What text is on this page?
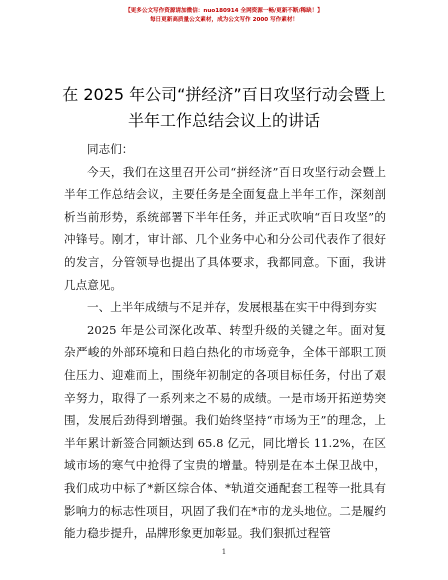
【更多公文写作资源请加微信：nuo180914 全网资源一畅/更新不断/稀缺！】
每日更新高质量公文素材，成为公文写作 2000 写作素材！
在 2025 年公司“拼经济”百日攻坚行动会暨上
半年工作总结会议上的讲话

同志们：

今天，我们在这里召开公司“拼经济”百日攻坚行动会暨上半年工作总结会议，主要任务是全面复盘上半年工作，深刻剖析当前形势，系统部署下半年任务，并正式吹响“百日攻坚”的冲锋号。刚才，审计部、几个业务中心和分公司代表作了很好的发言，分管领导也提出了具体要求，我都同意。下面，我讲几点意见。

一、上半年成绩与不足并存，发展根基在实干中得到夯实

2025 年是公司深化改革、转型升级的关键之年。面对复杂严峻的外部环境和日趋白热化的市场竞争，全体干部职工顶住压力、迎难而上，围绕年初制定的各项目标任务，付出了艰辛努力，取得了一系列来之不易的成绩。一是市场开拓逆势突围，发展后劲得到增强。我们始终坚持“市场为王”的理念，上半年累计新签合同额达到 65.8 亿元，同比增长 11.2%，在区域市场的寒气中抢得了宝贵的增量。特别是在本土保卫战中，我们成功中标了*新区综合体、*轨道交通配套工程等一批具有影响力的标志性项目，巩固了我们在*市的龙头地位。二是履约能力稳步提升，品牌形象更加彰显。我们狠抓过程管

1
